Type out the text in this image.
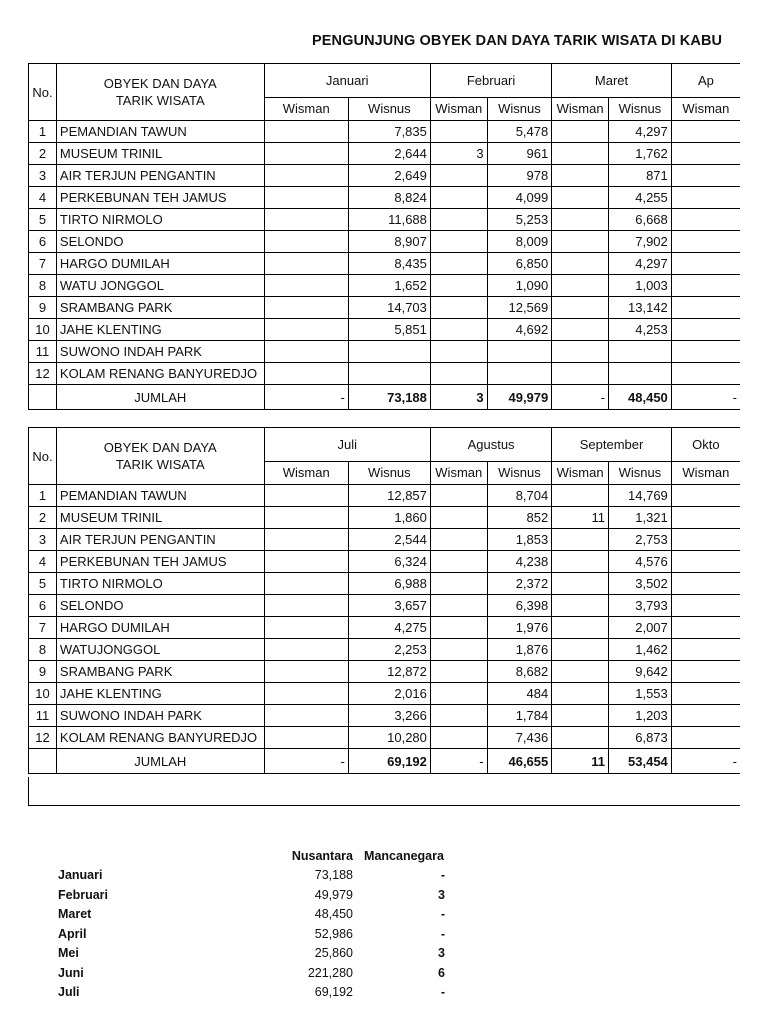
PENGUNJUNG OBYEK DAN DAYA TARIK WISATA DI KABU
No.	OBYEK DAN DAYA
TARIK WISATA	Januari		Februari		Maret		Ap
		Wisman	Wisnus	Wisman	Wisnus	Wisman	Wisnus	Wisman
1	PEMANDIAN TAWUN		7,835		5,478		4,297	
2	MUSEUM TRINIL		2,644	3	961		1,762	
3	AIR TERJUN PENGANTIN		2,649		978		871	
4	PERKEBUNAN TEH JAMUS		8,824		4,099		4,255	
5	TIRTO NIRMOLO		11,688		5,253		6,668	
6	SELONDO		8,907		8,009		7,902	
7	HARGO DUMILAH		8,435		6,850		4,297	
8	WATU JONGGOL		1,652		1,090		1,003	
9	SRAMBANG PARK		14,703		12,569		13,142	
10	JAHE KLENTING		5,851		4,692		4,253	
11	SUWONO INDAH PARK							
12	KOLAM RENANG BANYUREDJO							
	JUMLAH	-	73,188	3	49,979	-	48,450	-
No.	OBYEK DAN DAYA
TARIK WISATA	Juli		Agustus		September		Okto
		Wisman	Wisnus	Wisman	Wisnus	Wisman	Wisnus	Wisman
1	PEMANDIAN TAWUN		12,857		8,704		14,769	
2	MUSEUM TRINIL		1,860		852	11	1,321	
3	AIR TERJUN PENGANTIN		2,544		1,853		2,753	
4	PERKEBUNAN TEH JAMUS		6,324		4,238		4,576	
5	TIRTO NIRMOLO		6,988		2,372		3,502	
6	SELONDO		3,657		6,398		3,793	
7	HARGO DUMILAH		4,275		1,976		2,007	
8	WATUJONGGOL		2,253		1,876		1,462	
9	SRAMBANG PARK		12,872		8,682		9,642	
10	JAHE KLENTING		2,016		484		1,553	
11	SUWONO INDAH PARK		3,266		1,784		1,203	
12	KOLAM RENANG BANYUREDJO		10,280		7,436		6,873	
	JUMLAH	-	69,192	-	46,655	11	53,454	-
	Nusantara	Mancanegara
Januari	73,188	-
Februari	49,979	3
Maret	48,450	-
April	52,986	-
Mei	25,860	3
Juni	221,280	6
Juli	69,192	-
